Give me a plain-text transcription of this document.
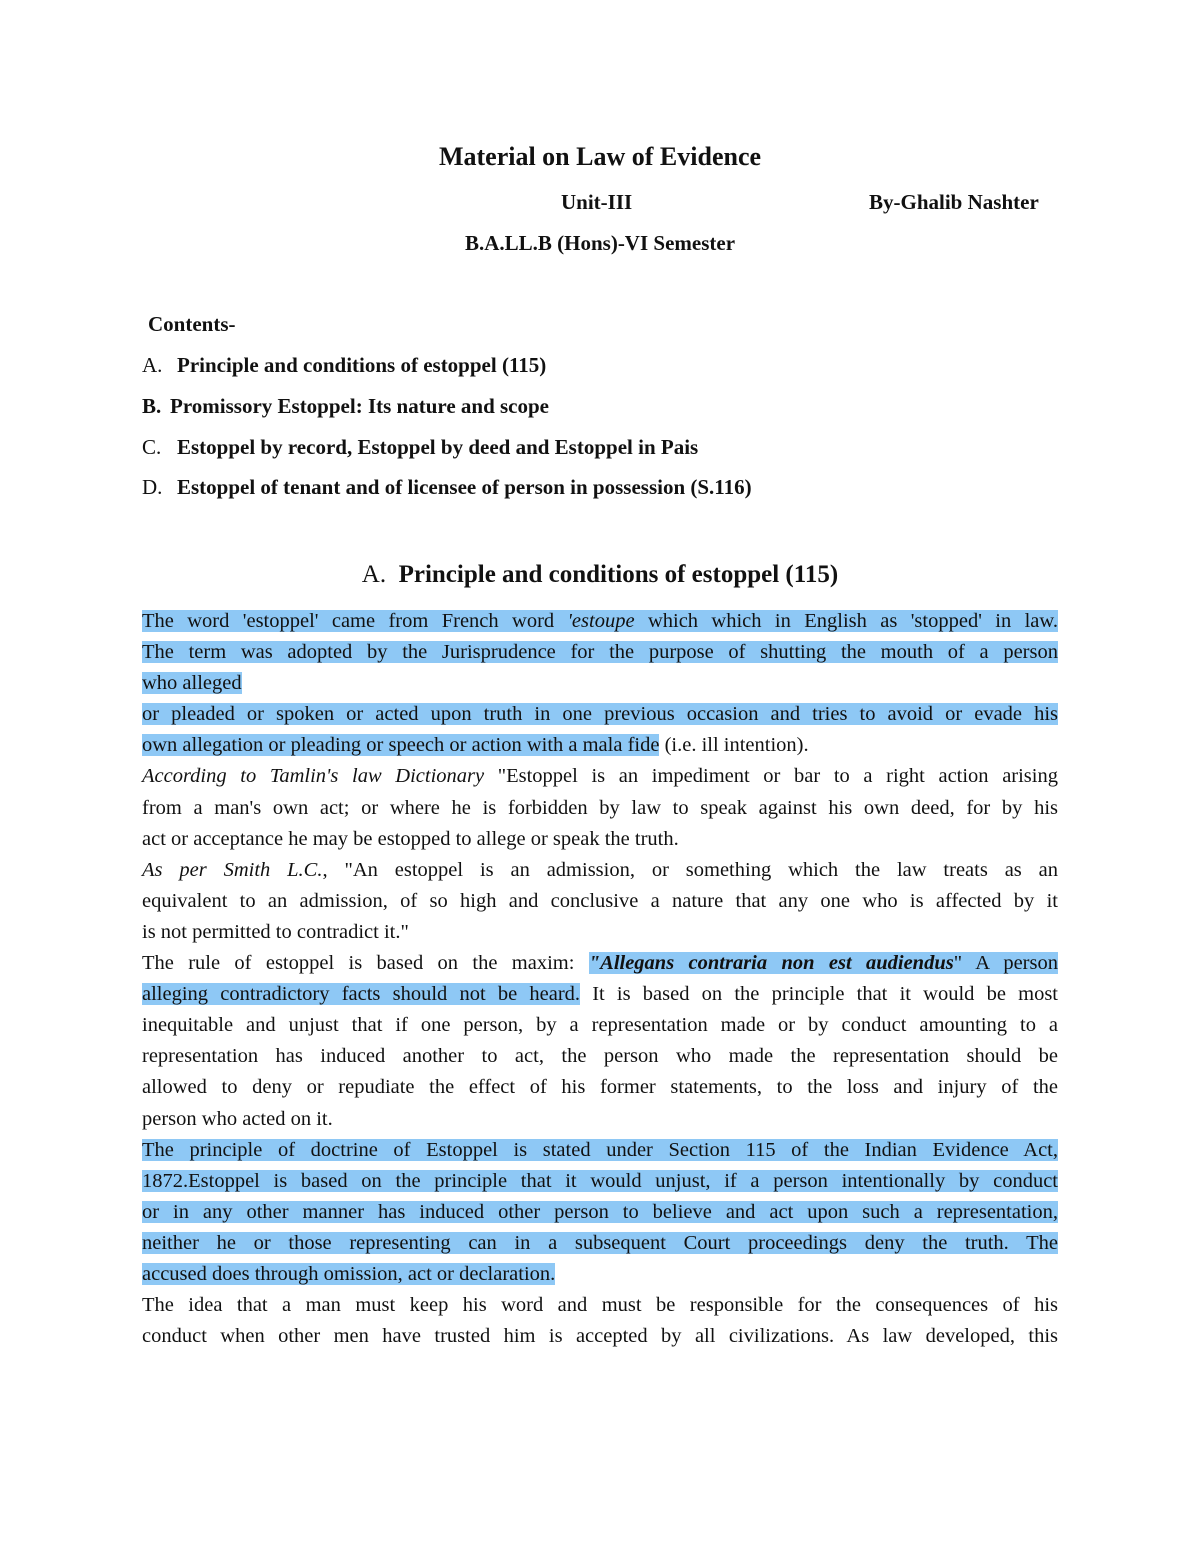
Material on Law of Evidence
Unit-III	By-Ghalib Nashter
B.A.LL.B (Hons)-VI Semester
Contents-
A. Principle and conditions of estoppel (115)
B. Promissory Estoppel: Its nature and scope
C. Estoppel by record, Estoppel by deed and Estoppel in Pais
D. Estoppel of tenant and of licensee of person in possession (S.116)
A. Principle and conditions of estoppel (115)

The word 'estoppel' came from French word 'estoupe which which in English as 'stopped' in law.

The term was adopted by the Jurisprudence for the purpose of shutting the mouth of a person

who alleged

or pleaded or spoken or acted upon truth in one previous occasion and tries to avoid or evade his

own allegation or pleading or speech or action with a mala fide (i.e. ill intention).

According to Tamlin's law Dictionary "Estoppel is an impediment or bar to a right action arising

from a man's own act; or where he is forbidden by law to speak against his own deed, for by his

act or acceptance he may be estopped to allege or speak the truth.

As per Smith L.C., "An estoppel is an admission, or something which the law treats as an

equivalent to an admission, of so high and conclusive a nature that any one who is affected by it

is not permitted to contradict it."

The rule of estoppel is based on the maxim: "Allegans contraria non est audiendus" A person

alleging contradictory facts should not be heard. It is based on the principle that it would be most

inequitable and unjust that if one person, by a representation made or by conduct amounting to a

representation has induced another to act, the person who made the representation should be

allowed to deny or repudiate the effect of his former statements, to the loss and injury of the

person who acted on it.

The principle of doctrine of Estoppel is stated under Section 115 of the Indian Evidence Act,

1872.Estoppel is based on the principle that it would unjust, if a person intentionally by conduct

or in any other manner has induced other person to believe and act upon such a representation,

neither he or those representing can in a subsequent Court proceedings deny the truth. The

accused does through omission, act or declaration.

The idea that a man must keep his word and must be responsible for the consequences of his

conduct when other men have trusted him is accepted by all civilizations. As law developed, this
